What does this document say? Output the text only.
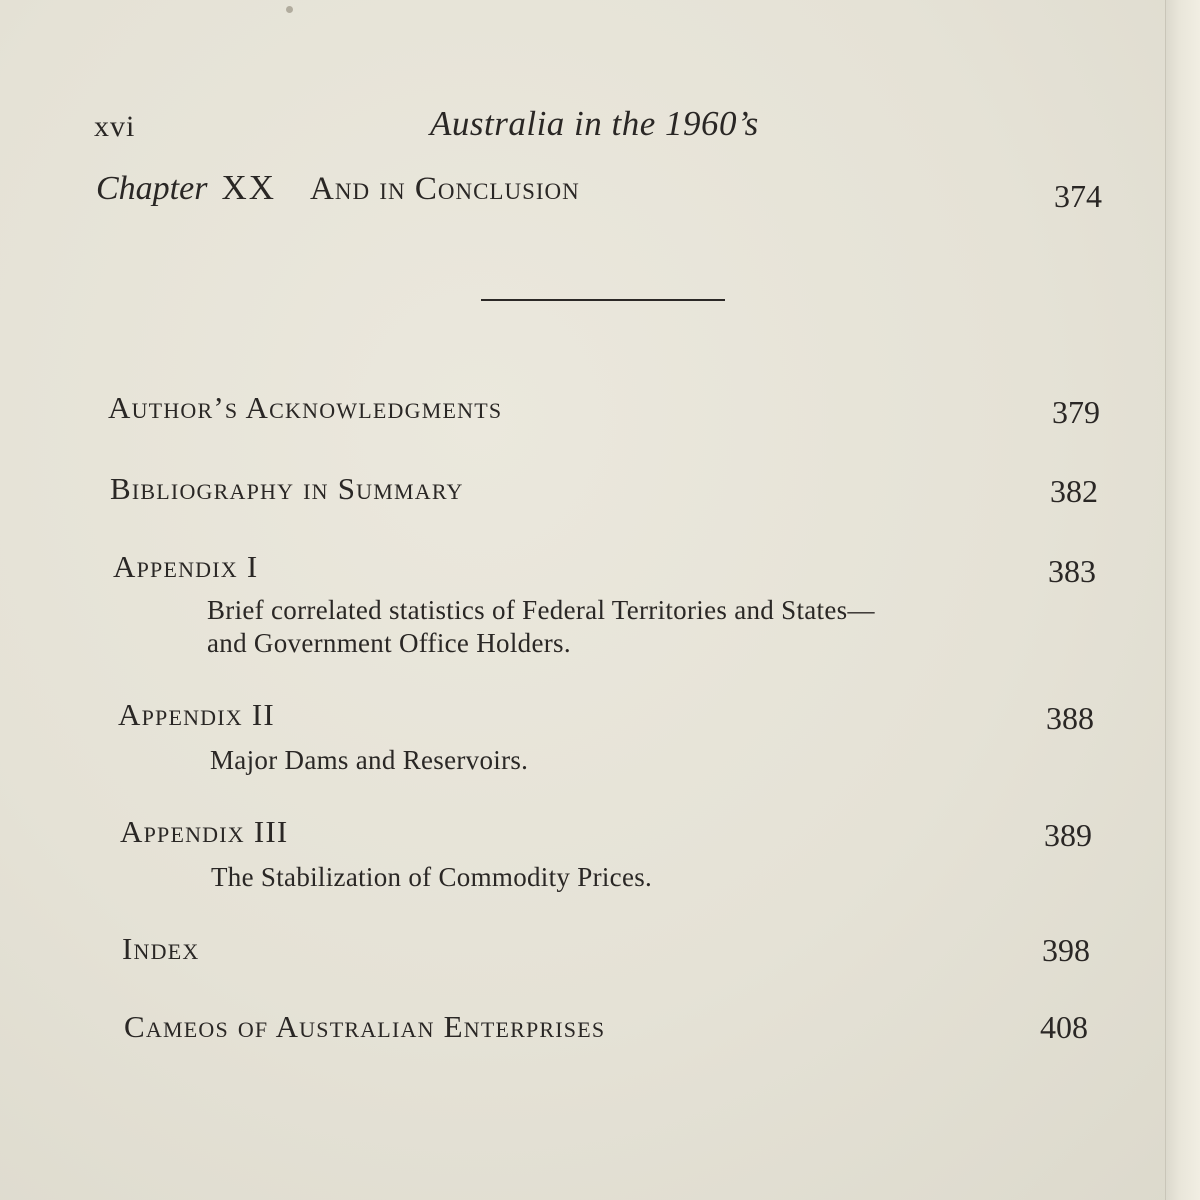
xvi	Australia in the 1960’s
Chapter XX And in Conclusion	374
Author’s Acknowledgments	379
Bibliography in Summary	382
Appendix I	383
Brief correlated statistics of Federal Territories and States—
and Government Office Holders.
Appendix II	388
Major Dams and Reservoirs.
Appendix III	389
The Stabilization of Commodity Prices.
Index	398
Cameos of Australian Enterprises	408
